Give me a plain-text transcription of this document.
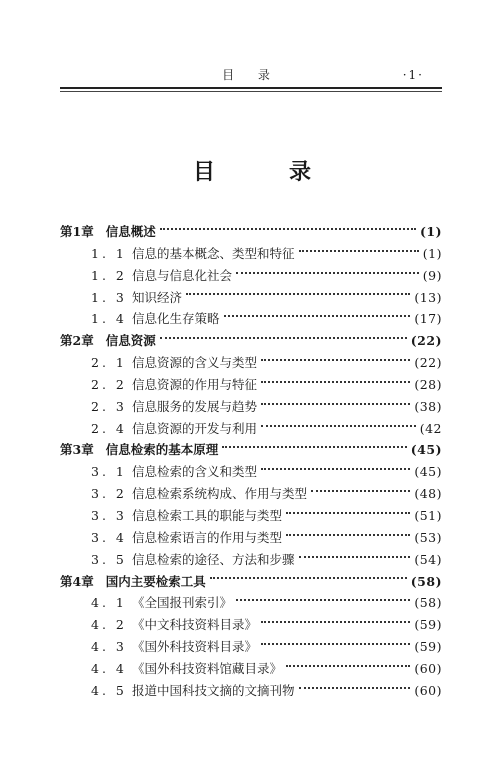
目 录	·1·
目　录
第1章 信息概述	(1)
1. 1 信息的基本概念、类型和特征	(1)
1. 2 信息与信息化社会	(9)
1. 3 知识经济	(13)
1. 4 信息化生存策略	(17)
第2章 信息资源	(22)
2. 1 信息资源的含义与类型	(22)
2. 2 信息资源的作用与特征	(28)
2. 3 信息服务的发展与趋势	(38)
2. 4 信息资源的开发与利用	(42
第3章 信息检索的基本原理	(45)
3. 1 信息检索的含义和类型	(45)
3. 2 信息检索系统构成、作用与类型	(48)
3. 3 信息检索工具的职能与类型	(51)
3. 4 信息检索语言的作用与类型	(53)
3. 5 信息检索的途径、方法和步骤	(54)
第4章 国内主要检索工具	(58)
4. 1 《全国报刊索引》	(58)
4. 2 《中文科技资料目录》	(59)
4. 3 《国外科技资料目录》	(59)
4. 4 《国外科技资料馆藏目录》	(60)
4. 5 报道中国科技文摘的文摘刊物	(60)
